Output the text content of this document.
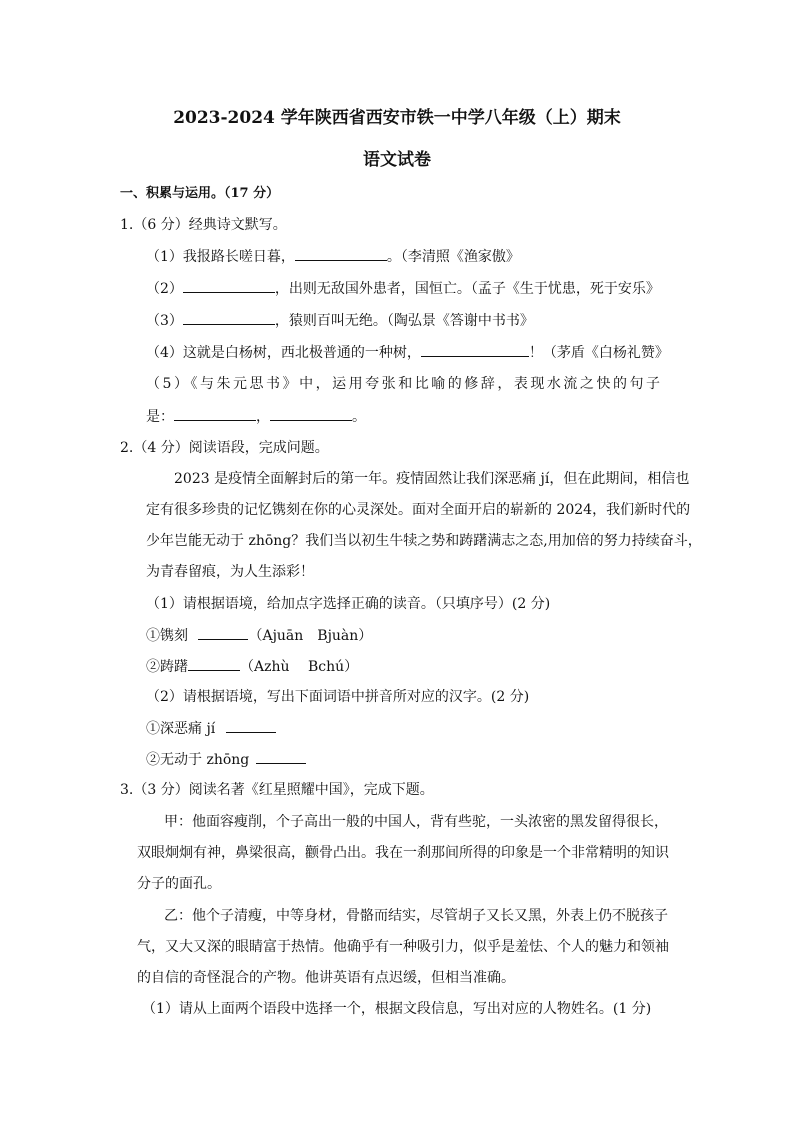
2023-2024 学年陕西省西安市铁一中学八年级（上）期末
语文试卷
一、积累与运用。（17 分）
1.（6 分）经典诗文默写。
（1）我报路长嗟日暮，	。（李清照《渔家傲》
（2）	，出则无敌国外患者，国恒亡。（孟子《生于忧患，死于安乐》
（3）	，猿则百叫无绝。（陶弘景《答谢中书书》
（4）这就是白杨树，西北极普通的一种树，	！（茅盾《白杨礼赞》
（5）《与朱元思书》中，运用夸张和比喻的修辞，表现水流之快的句子
是：	，	。
2.（4 分）阅读语段，完成问题。
2023 是疫情全面解封后的第一年。疫情固然让我们深恶痛 jí，但在此期间，相信也
定有很多珍贵的记忆镌刻在你的心灵深处。面对全面开启的崭新的 2024，我们新时代的
少年岂能无动于 zhōng？我们当以初生牛犊之势和踌躇满志之态,用加倍的努力持续奋斗，
为青春留痕，为人生添彩！
（1）请根据语境，给加点字选择正确的读音。（只填序号）(2 分)
①镌刻	（Ajuān　Bjuàn）
②踌躇	（Azhù　 Bchú）
（2）请根据语境，写出下面词语中拼音所对应的汉字。(2 分)
①深恶痛 jí
②无动于 zhōng
3.（3 分）阅读名著《红星照耀中国》，完成下题。
甲：他面容瘦削，个子高出一般的中国人，背有些驼，一头浓密的黑发留得很长，
双眼炯炯有神，鼻梁很高，颧骨凸出。我在一刹那间所得的印象是一个非常精明的知识
分子的面孔。
乙：他个子清瘦，中等身材，骨骼而结实，尽管胡子又长又黑，外表上仍不脱孩子
气，又大又深的眼睛富于热情。他确乎有一种吸引力，似乎是羞怯、个人的魅力和领袖
的自信的奇怪混合的产物。他讲英语有点迟缓，但相当准确。
（1）请从上面两个语段中选择一个，根据文段信息，写出对应的人物姓名。(1 分)
